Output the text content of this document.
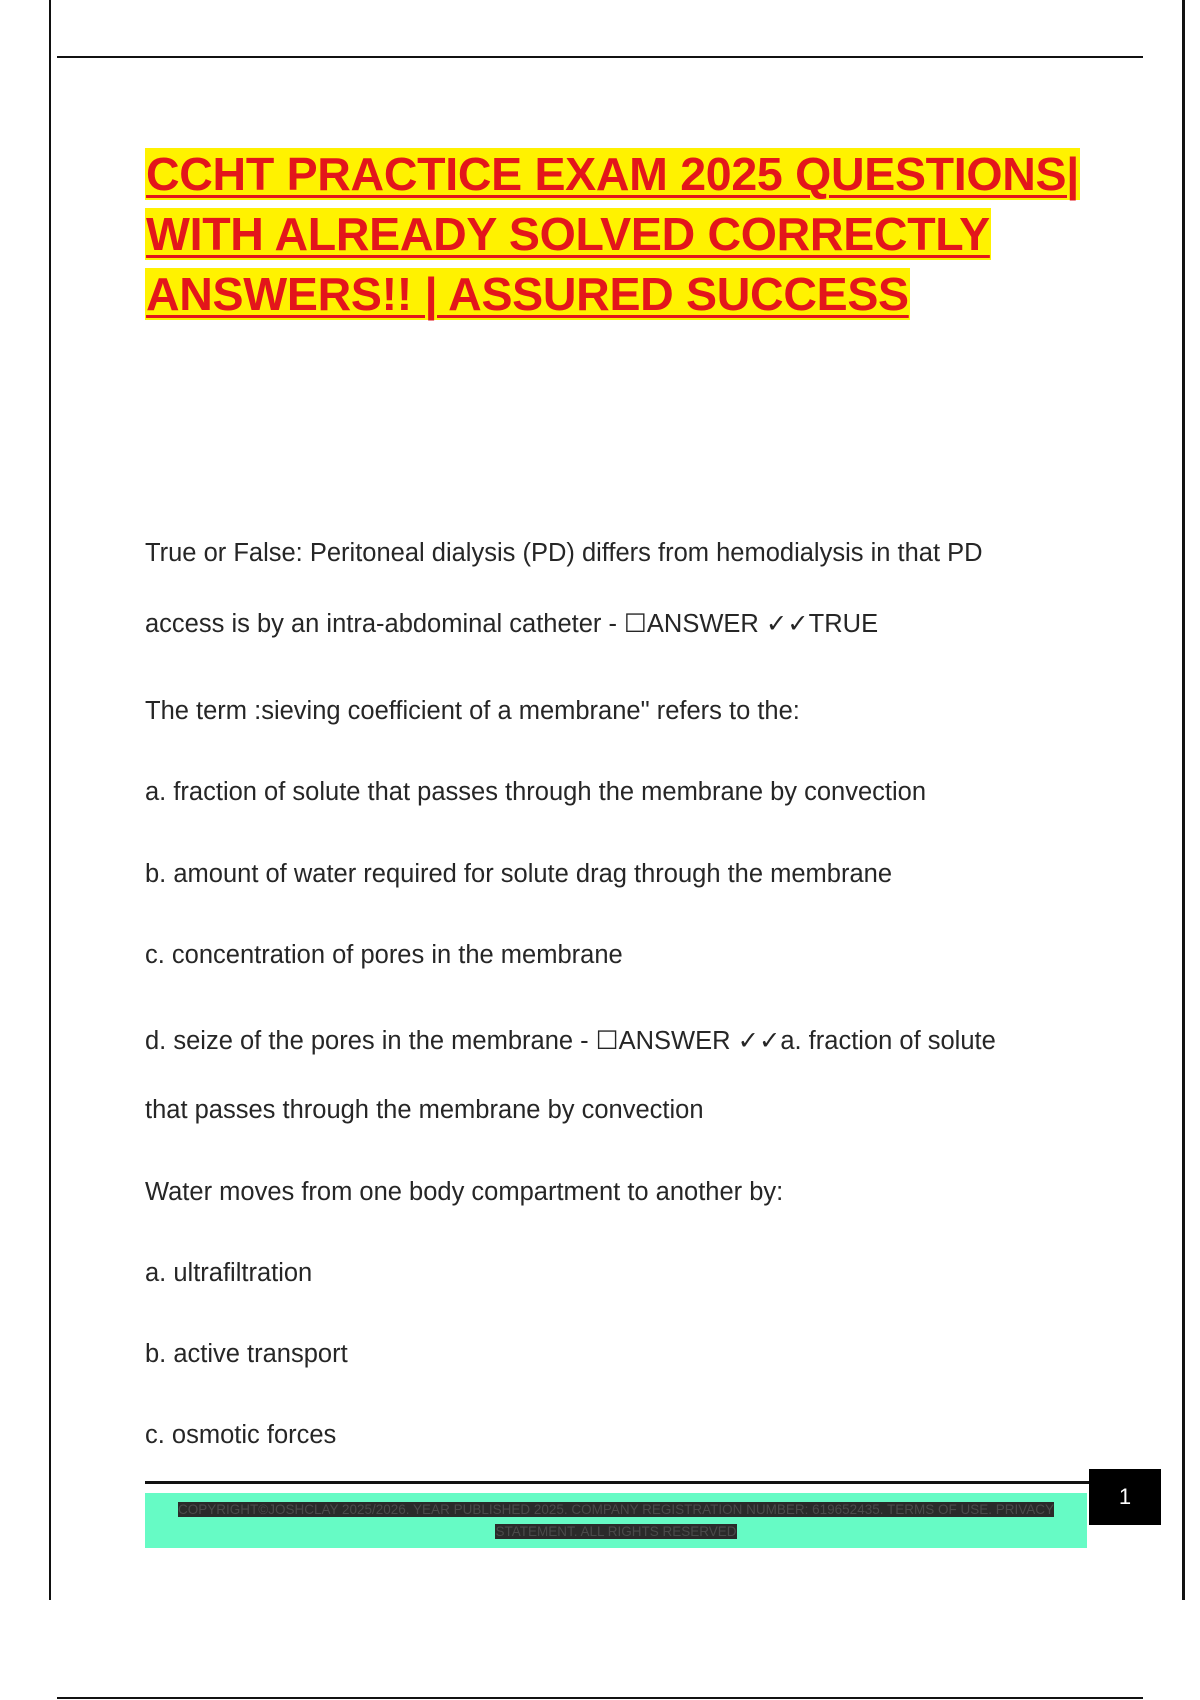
CCHT PRACTICE EXAM 2025 QUESTIONS| WITH ALREADY SOLVED CORRECTLY ANSWERS!! | ASSURED SUCCESS
True or False: Peritoneal dialysis (PD) differs from hemodialysis in that PD
access is by an intra-abdominal catheter - ☐ANSWER ✓✓TRUE
The term :sieving coefficient of a membrane" refers to the:
a. fraction of solute that passes through the membrane by convection
b. amount of water required for solute drag through the membrane
c. concentration of pores in the membrane
d. seize of the pores in the membrane - ☐ANSWER ✓✓a. fraction of solute
that passes through the membrane by convection
Water moves from one body compartment to another by:
a. ultrafiltration
b. active transport
c. osmotic forces
COPYRIGHT©JOSHCLAY 2025/2026. YEAR PUBLISHED 2025. COMPANY REGISTRATION NUMBER: 619652435. TERMS OF USE. PRIVACY STATEMENT. ALL RIGHTS RESERVED
1
